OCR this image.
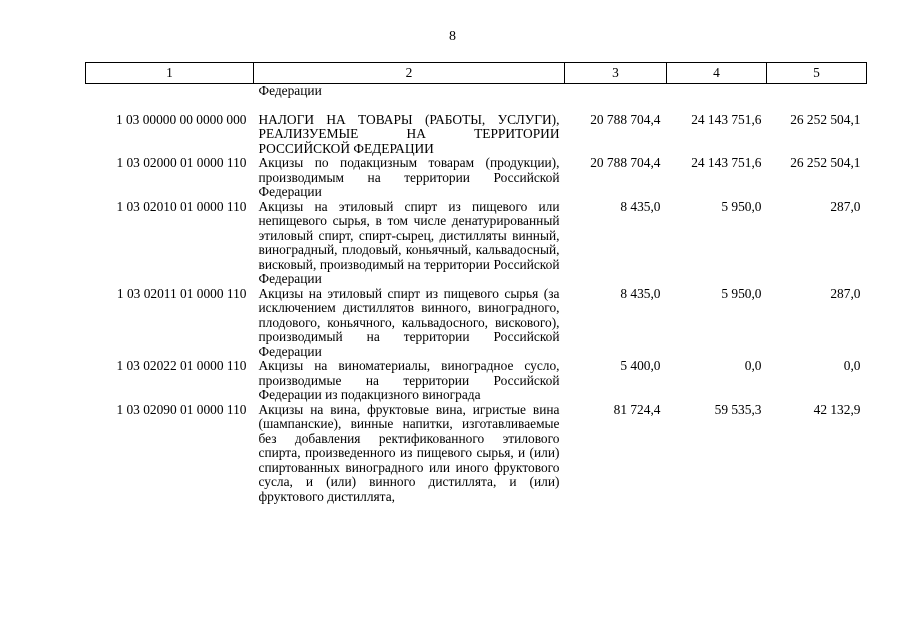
8
1	2	3	4	5
	Федерации			
1 03 00000 00 0000 000	НАЛОГИ НА ТОВАРЫ (РАБОТЫ, УСЛУГИ), РЕАЛИЗУЕМЫЕ НА ТЕРРИТОРИИ РОССИЙСКОЙ ФЕДЕРАЦИИ	20 788 704,4	24 143 751,6	26 252 504,1
1 03 02000 01 0000 110	Акцизы по подакцизным товарам (продукции), производимым на территории Российской Федерации	20 788 704,4	24 143 751,6	26 252 504,1
1 03 02010 01 0000 110	Акцизы на этиловый спирт из пищевого или непищевого сырья, в том числе денатурированный этиловый спирт, спирт-сырец, дистилляты винный, виноградный, плодовый, коньячный, кальвадосный, висковый, производимый на территории Российской Федерации	8 435,0	5 950,0	287,0
1 03 02011 01 0000 110	Акцизы на этиловый спирт из пищевого сырья (за исключением дистиллятов винного, виноградного, плодового, коньячного, кальвадосного, вискового), производимый на территории Российской Федерации	8 435,0	5 950,0	287,0
1 03 02022 01 0000 110	Акцизы на виноматериалы, виноградное сусло, производимые на территории Российской Федерации из подакцизного винограда	5 400,0	0,0	0,0
1 03 02090 01 0000 110	Акцизы на вина, фруктовые вина, игристые вина (шампанские), винные напитки, изготавливаемые без добавления ректификованного этилового спирта, произведенного из пищевого сырья, и (или) спиртованных виноградного или иного фруктового сусла, и (или) винного дистиллята, и (или) фруктового дистиллята,	81 724,4	59 535,3	42 132,9
